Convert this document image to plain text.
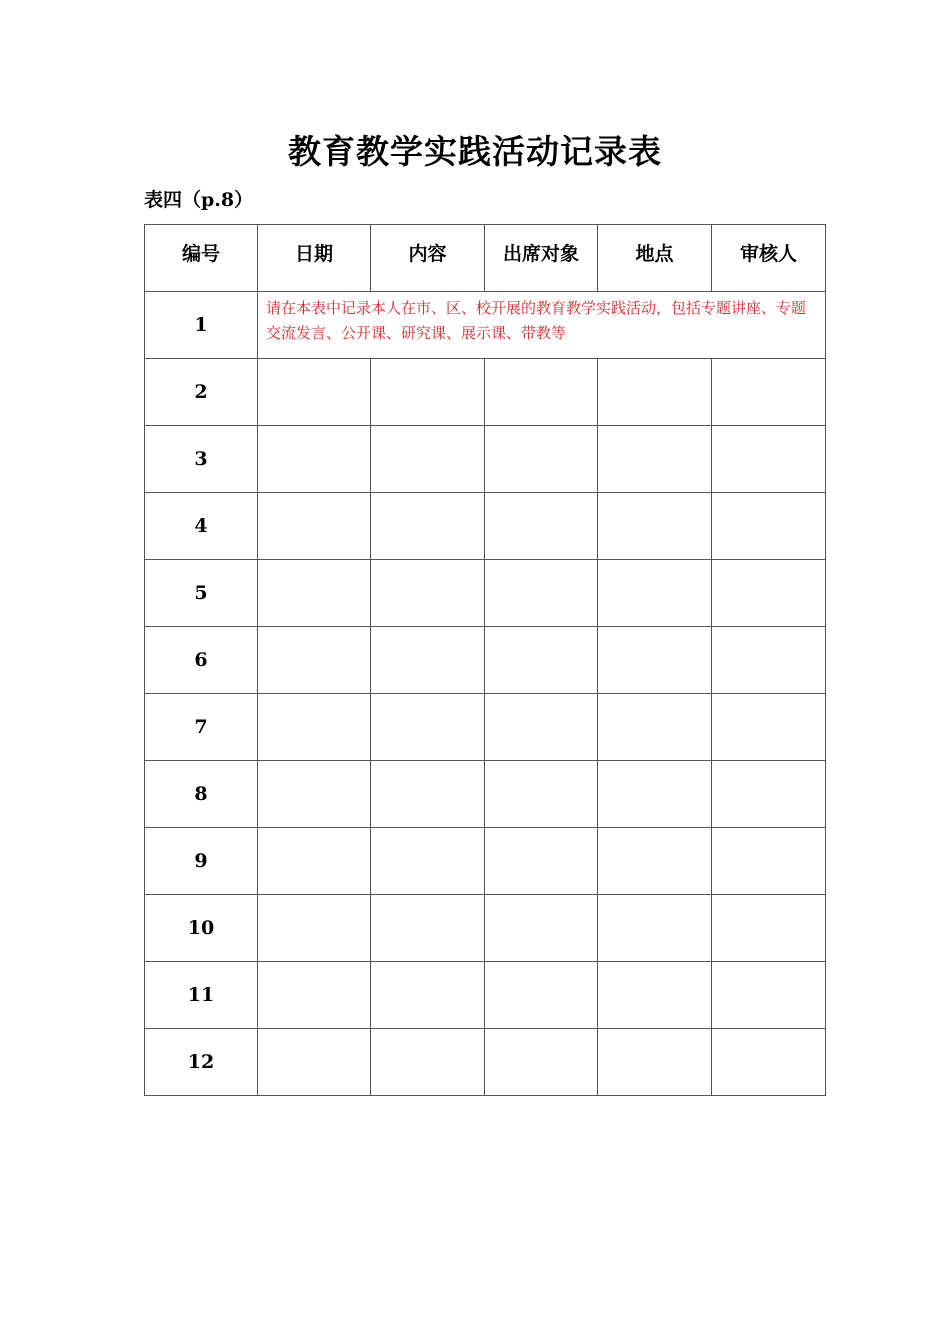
教育教学实践活动记录表
表四（p.8）
编号	日期	内容	出席对象	地点	审核人
1	请在本表中记录本人在市、区、校开展的教育教学实践活动，包括专题讲座、专题交流发言、公开课、研究课、展示课、带教等				
2					
3					
4					
5					
6					
7					
8					
9					
10					
11					
12					
